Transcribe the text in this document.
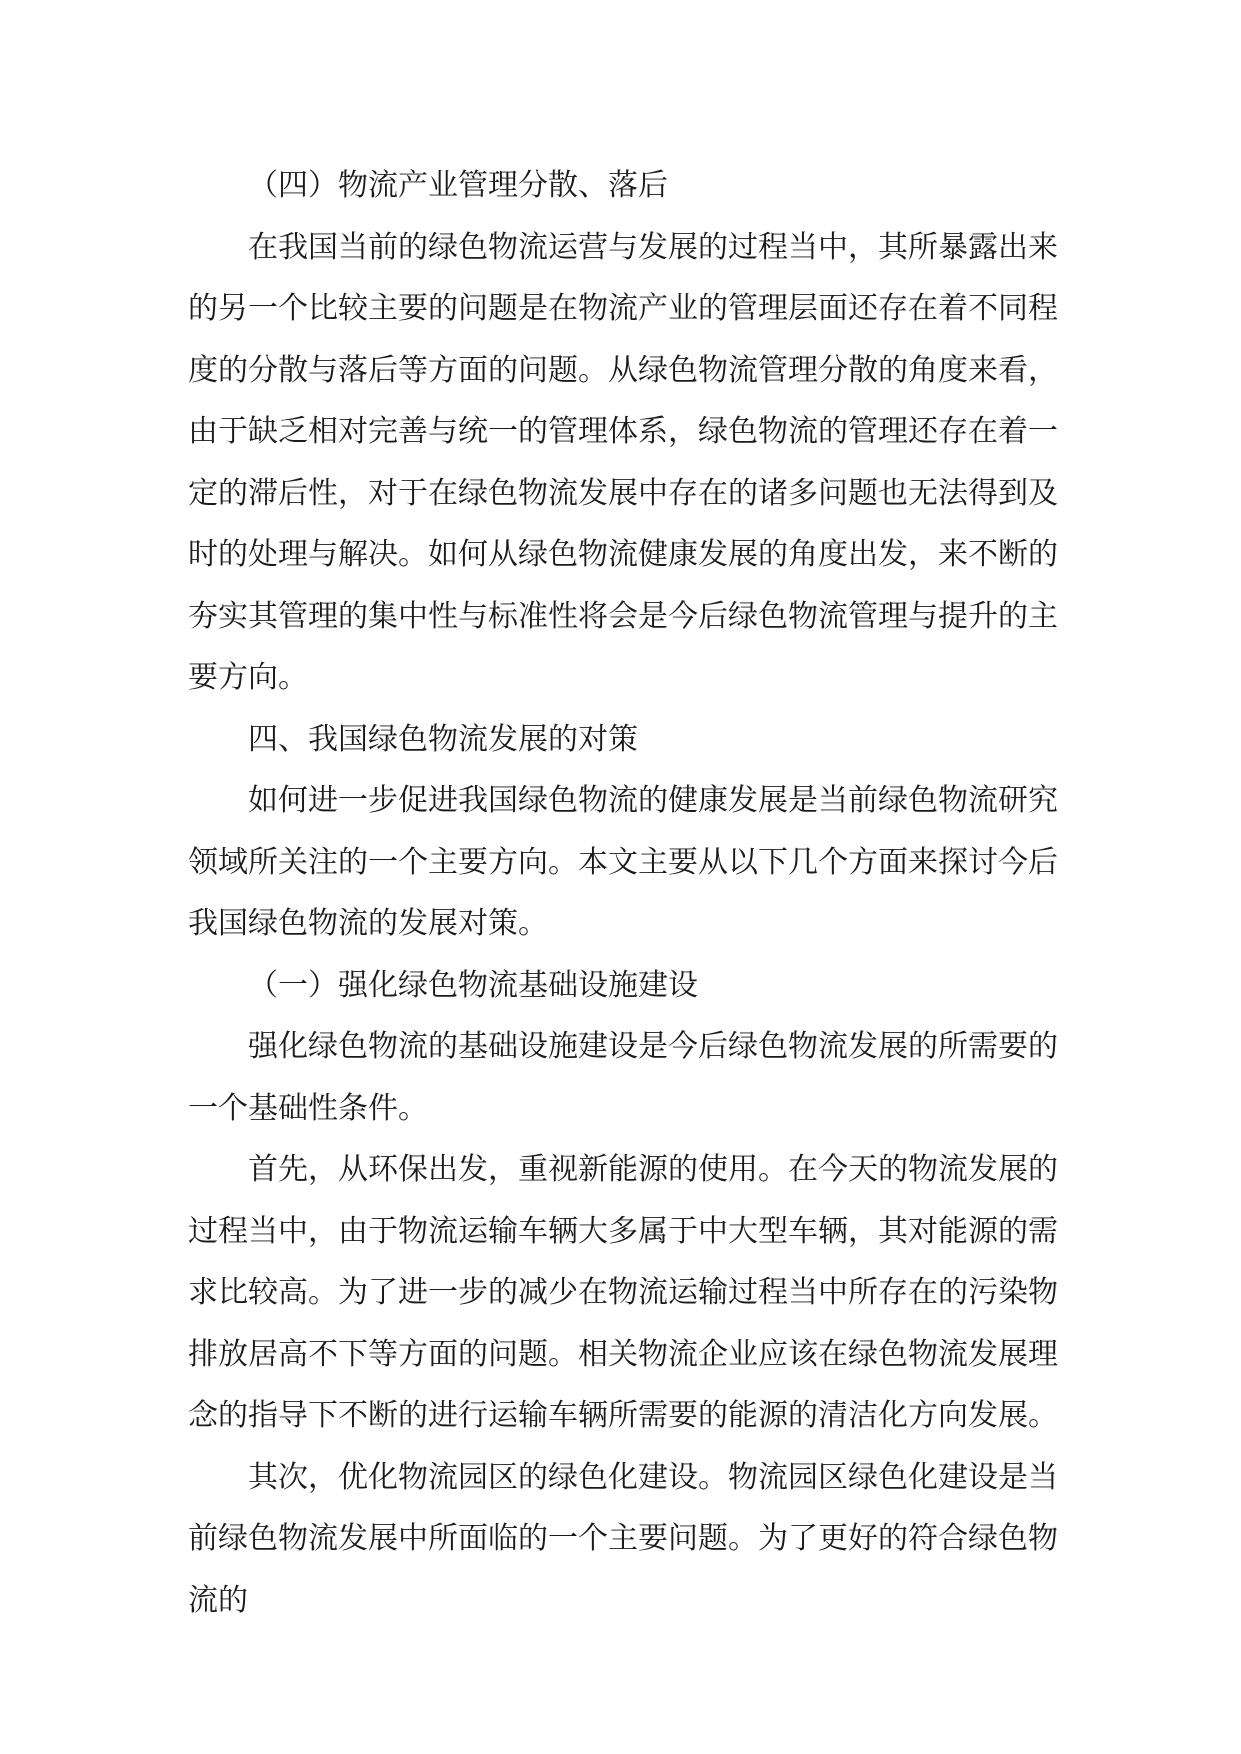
（四）物流产业管理分散、落后

在我国当前的绿色物流运营与发展的过程当中，其所暴露出来的另一个比较主要的问题是在物流产业的管理层面还存在着不同程度的分散与落后等方面的问题。从绿色物流管理分散的角度来看，由于缺乏相对完善与统一的管理体系，绿色物流的管理还存在着一定的滞后性，对于在绿色物流发展中存在的诸多问题也无法得到及时的处理与解决。如何从绿色物流健康发展的角度出发，来不断的夯实其管理的集中性与标准性将会是今后绿色物流管理与提升的主要方向。

四、我国绿色物流发展的对策

如何进一步促进我国绿色物流的健康发展是当前绿色物流研究领域所关注的一个主要方向。本文主要从以下几个方面来探讨今后我国绿色物流的发展对策。

（一）强化绿色物流基础设施建设

强化绿色物流的基础设施建设是今后绿色物流发展的所需要的一个基础性条件。

首先，从环保出发，重视新能源的使用。在今天的物流发展的过程当中，由于物流运输车辆大多属于中大型车辆，其对能源的需求比较高。为了进一步的减少在物流运输过程当中所存在的污染物排放居高不下等方面的问题。相关物流企业应该在绿色物流发展理念的指导下不断的进行运输车辆所需要的能源的清洁化方向发展。

其次，优化物流园区的绿色化建设。物流园区绿色化建设是当前绿色物流发展中所面临的一个主要问题。为了更好的符合绿色物流的
